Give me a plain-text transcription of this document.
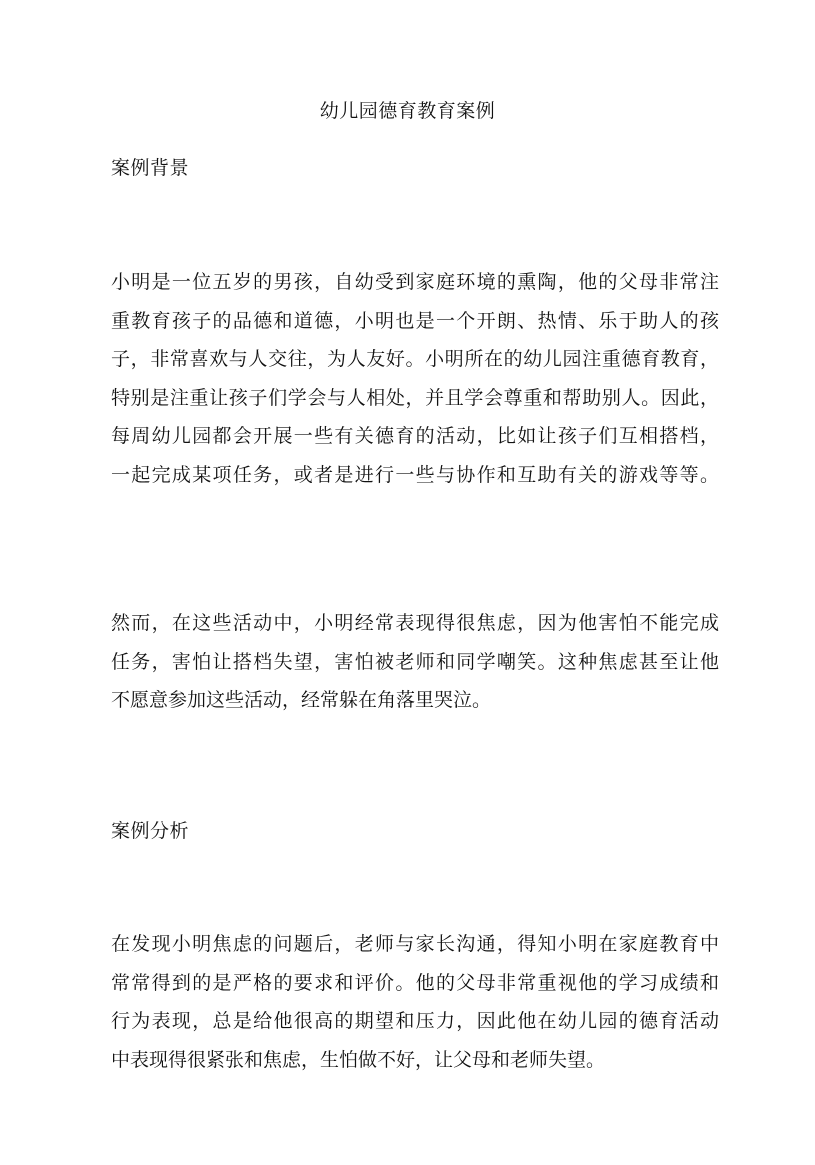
幼儿园德育教育案例
案例背景
小明是一位五岁的男孩，自幼受到家庭环境的熏陶，他的父母非常注
重教育孩子的品德和道德，小明也是一个开朗、热情、乐于助人的孩
子，非常喜欢与人交往，为人友好。小明所在的幼儿园注重德育教育，
特别是注重让孩子们学会与人相处，并且学会尊重和帮助别人。因此，
每周幼儿园都会开展一些有关德育的活动，比如让孩子们互相搭档，
一起完成某项任务，或者是进行一些与协作和互助有关的游戏等等。
然而，在这些活动中，小明经常表现得很焦虑，因为他害怕不能完成
任务，害怕让搭档失望，害怕被老师和同学嘲笑。这种焦虑甚至让他
不愿意参加这些活动，经常躲在角落里哭泣。
案例分析
在发现小明焦虑的问题后，老师与家长沟通，得知小明在家庭教育中
常常得到的是严格的要求和评价。他的父母非常重视他的学习成绩和
行为表现，总是给他很高的期望和压力，因此他在幼儿园的德育活动
中表现得很紧张和焦虑，生怕做不好，让父母和老师失望。
